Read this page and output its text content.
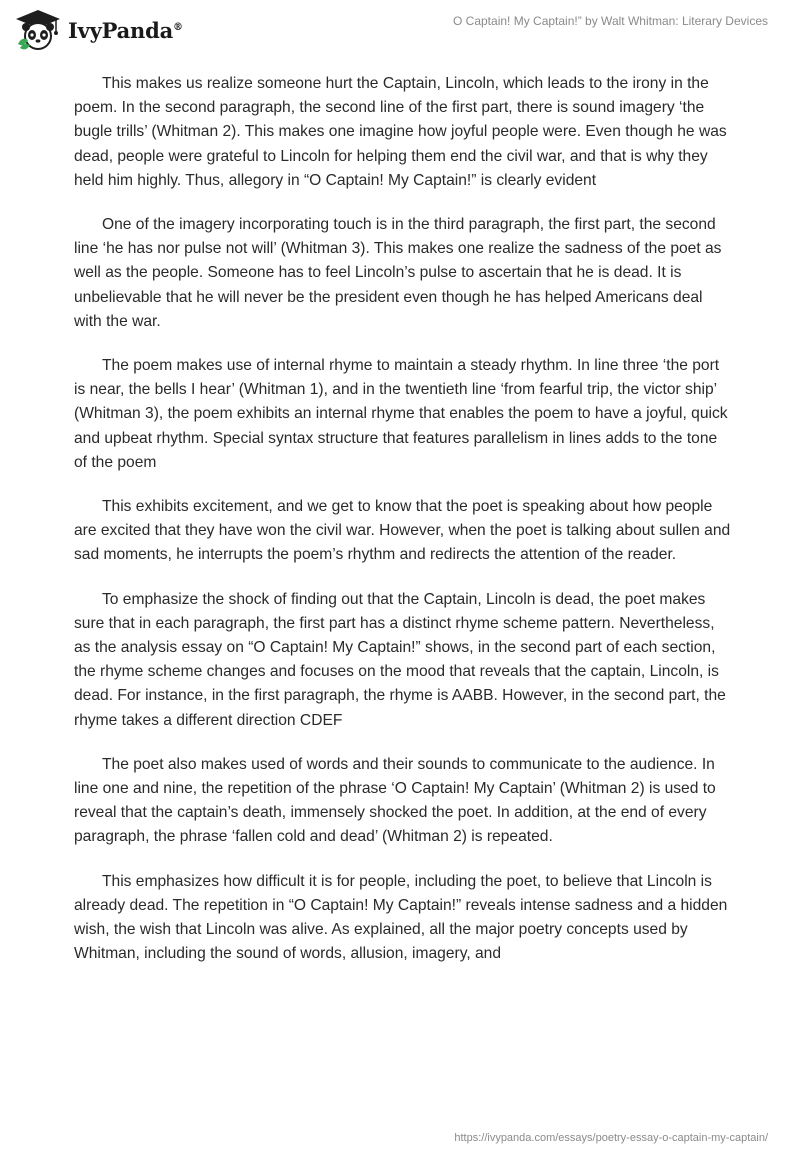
IvyPanda®	O Captain! My Captain!” by Walt Whitman: Literary Devices

This makes us realize someone hurt the Captain, Lincoln, which leads to the irony in the poem. In the second paragraph, the second line of the first part, there is sound imagery ‘the bugle trills’ (Whitman 2). This makes one imagine how joyful people were. Even though he was dead, people were grateful to Lincoln for helping them end the civil war, and that is why they held him highly. Thus, allegory in “O Captain! My Captain!” is clearly evident

One of the imagery incorporating touch is in the third paragraph, the first part, the second line ‘he has nor pulse not will’ (Whitman 3). This makes one realize the sadness of the poet as well as the people. Someone has to feel Lincoln’s pulse to ascertain that he is dead. It is unbelievable that he will never be the president even though he has helped Americans deal with the war.

The poem makes use of internal rhyme to maintain a steady rhythm. In line three ‘the port is near, the bells I hear’ (Whitman 1), and in the twentieth line ‘from fearful trip, the victor ship’ (Whitman 3), the poem exhibits an internal rhyme that enables the poem to have a joyful, quick and upbeat rhythm. Special syntax structure that features parallelism in lines adds to the tone of the poem

This exhibits excitement, and we get to know that the poet is speaking about how people are excited that they have won the civil war. However, when the poet is talking about sullen and sad moments, he interrupts the poem’s rhythm and redirects the attention of the reader.

To emphasize the shock of finding out that the Captain, Lincoln is dead, the poet makes sure that in each paragraph, the first part has a distinct rhyme scheme pattern. Nevertheless, as the analysis essay on “O Captain! My Captain!” shows, in the second part of each section, the rhyme scheme changes and focuses on the mood that reveals that the captain, Lincoln, is dead. For instance, in the first paragraph, the rhyme is AABB. However, in the second part, the rhyme takes a different direction CDEF

The poet also makes used of words and their sounds to communicate to the audience. In line one and nine, the repetition of the phrase ‘O Captain! My Captain’ (Whitman 2) is used to reveal that the captain’s death, immensely shocked the poet. In addition, at the end of every paragraph, the phrase ‘fallen cold and dead’ (Whitman 2) is repeated.

This emphasizes how difficult it is for people, including the poet, to believe that Lincoln is already dead. The repetition in “O Captain! My Captain!” reveals intense sadness and a hidden wish, the wish that Lincoln was alive. As explained, all the major poetry concepts used by Whitman, including the sound of words, allusion, imagery, and

https://ivypanda.com/essays/poetry-essay-o-captain-my-captain/
